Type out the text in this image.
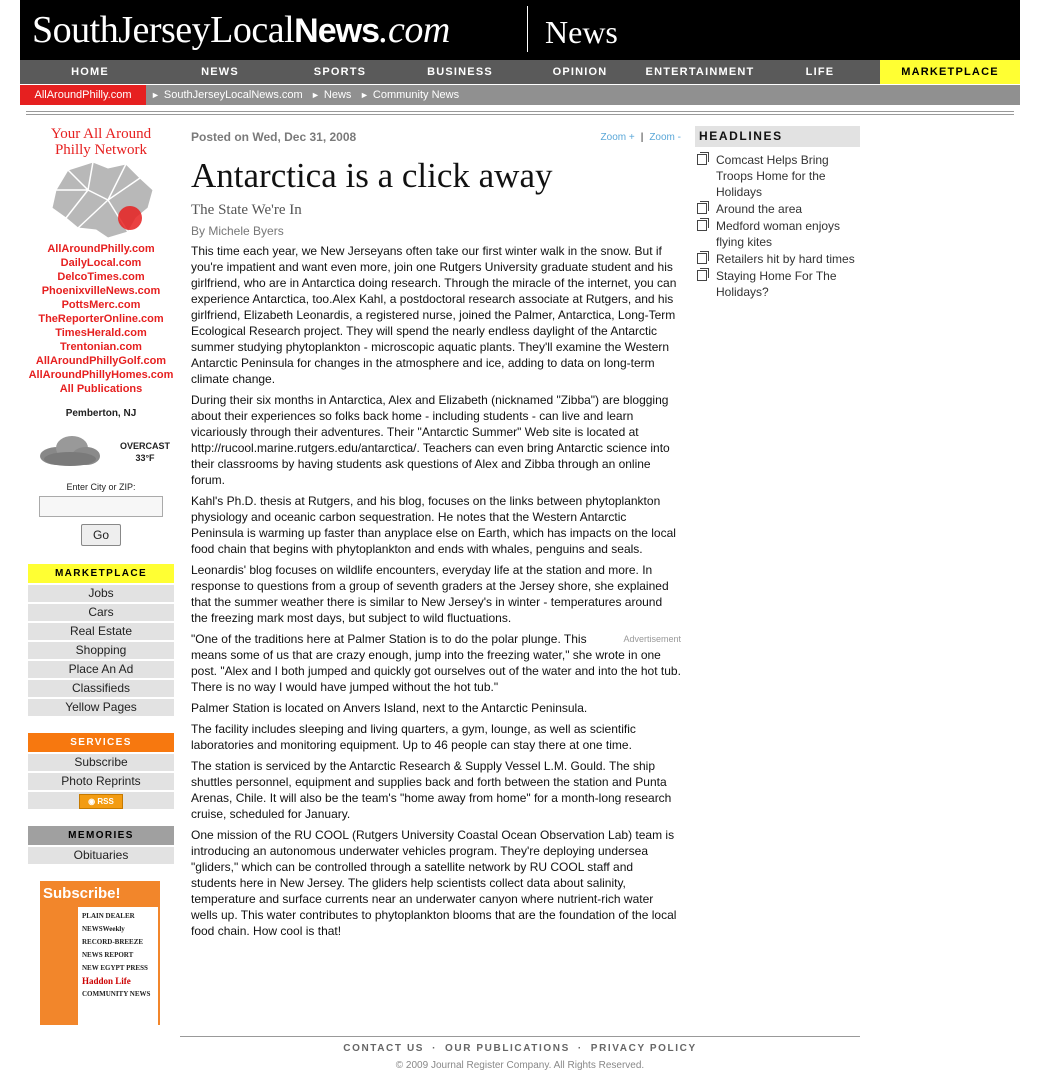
SouthJerseyLocalNews.com	News
HOME	NEWS	SPORTS	BUSINESS	OPINION	ENTERTAINMENT	LIFE	MARKETPLACE
AllAroundPhilly.com	► SouthJerseyLocalNews.com ► News ► Community News
Your All Around
Philly Network
AllAroundPhilly.com
DailyLocal.com
DelcoTimes.com
PhoenixvilleNews.com
PottsMerc.com
TheReporterOnline.com
TimesHerald.com
Trentonian.com
AllAroundPhillyGolf.com
AllAroundPhillyHomes.com
All Publications
Pemberton, NJ
OVERCAST
33°F
Enter City or ZIP:
Go
MARKETPLACE
Jobs
Cars
Real Estate
Shopping
Place An Ad
Classifieds
Yellow Pages
SERVICES
Subscribe
Photo Reprints
◉ RSS
MEMORIES
Obituaries
Subscribe!
PLAIN DEALER
NEWSWeekly
RECORD-BREEZE
NEWS REPORT
NEW EGYPT PRESS
Haddon Life
COMMUNITY NEWS
Posted on Wed, Dec 31, 2008	Zoom + | Zoom -
Antarctica is a click away
The State We're In
By Michele Byers

This time each year, we New Jerseyans often take our first winter walk in the snow. But if you're impatient and want even more, join one Rutgers University graduate student and his girlfriend, who are in Antarctica doing research. Through the miracle of the internet, you can experience Antarctica, too.Alex Kahl, a postdoctoral research associate at Rutgers, and his girlfriend, Elizabeth Leonardis, a registered nurse, joined the Palmer, Antarctica, Long-Term Ecological Research project. They will spend the nearly endless daylight of the Antarctic summer studying phytoplankton - microscopic aquatic plants. They'll examine the Western Antarctic Peninsula for changes in the atmosphere and ice, adding to data on long-term climate change.

During their six months in Antarctica, Alex and Elizabeth (nicknamed "Zibba") are blogging about their experiences so folks back home - including students - can live and learn vicariously through their adventures. Their "Antarctic Summer" Web site is located at http://rucool.marine.rutgers.edu/antarctica/. Teachers can even bring Antarctic science into their classrooms by having students ask questions of Alex and Zibba through an online forum.

Kahl's Ph.D. thesis at Rutgers, and his blog, focuses on the links between phytoplankton physiology and oceanic carbon sequestration. He notes that the Western Antarctic Peninsula is warming up faster than anyplace else on Earth, which has impacts on the local food chain that begins with phytoplankton and ends with whales, penguins and seals.

Leonardis' blog focuses on wildlife encounters, everyday life at the station and more. In response to questions from a group of seventh graders at the Jersey shore, she explained that the summer weather there is similar to New Jersey's in winter - temperatures around the freezing mark most days, but subject to wild fluctuations.

Advertisement

"One of the traditions here at Palmer Station is to do the polar plunge. This means some of us that are crazy enough, jump into the freezing water," she wrote in one post. "Alex and I both jumped and quickly got ourselves out of the water and into the hot tub. There is no way I would have jumped without the hot tub."

Palmer Station is located on Anvers Island, next to the Antarctic Peninsula.

The facility includes sleeping and living quarters, a gym, lounge, as well as scientific laboratories and monitoring equipment. Up to 46 people can stay there at one time.

The station is serviced by the Antarctic Research & Supply Vessel L.M. Gould. The ship shuttles personnel, equipment and supplies back and forth between the station and Punta Arenas, Chile. It will also be the team's "home away from home" for a month-long research cruise, scheduled for January.

One mission of the RU COOL (Rutgers University Coastal Ocean Observation Lab) team is introducing an autonomous underwater vehicles program. They're deploying undersea "gliders," which can be controlled through a satellite network by RU COOL staff and students here in New Jersey. The gliders help scientists collect data about salinity, temperature and surface currents near an underwater canyon where nutrient-rich water wells up. This water contributes to phytoplankton blooms that are the foundation of the local food chain. How cool is that!

HEADLINES
Comcast Helps Bring Troops Home for the Holidays
Around the area
Medford woman enjoys flying kites
Retailers hit by hard times
Staying Home For The Holidays?
CONTACT US · OUR PUBLICATIONS · PRIVACY POLICY
© 2009 Journal Register Company. All Rights Reserved.
